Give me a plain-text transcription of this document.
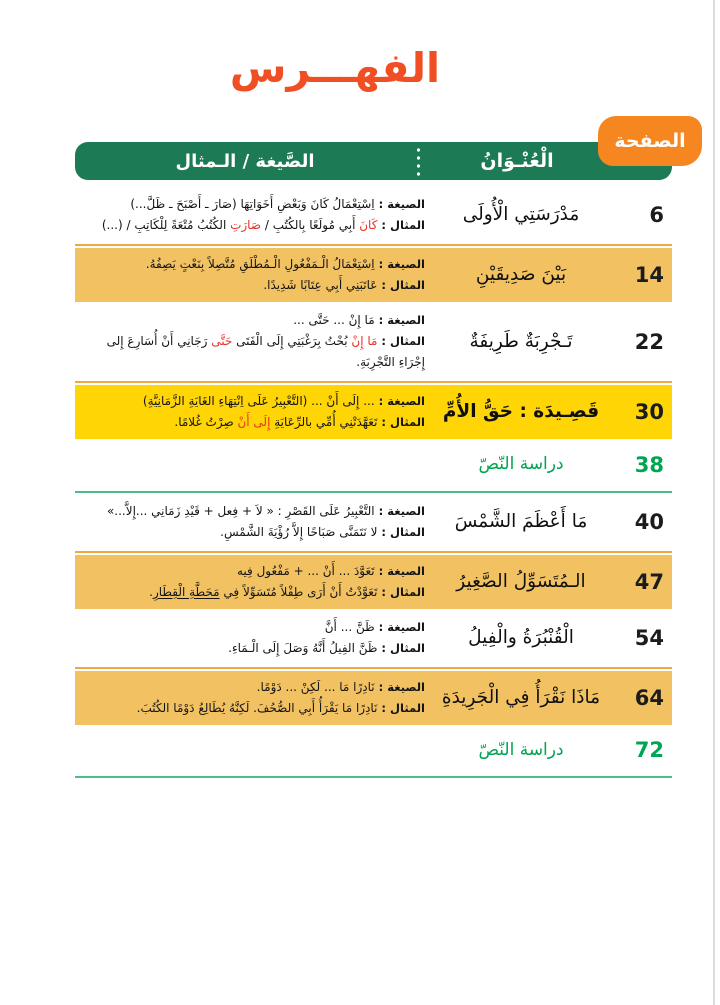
الفهـــرس
الْعُنْـوَانُ
الصَّيغة / الـمثال
الصفحة
6
مَدْرَسَتِي الْأُولَى
الصيغة : اِسْتِعْمَالُ كَانَ وَبَعْضِ أَخَوَاتِهَا (صَارَ ـ أَصْبَحَ ـ ظَلَّ...)
المثال : كَانَ أَبِي مُولَعًا بِالكُتُبِ / صَارَتِ الكُتُبُ مُتْعَةً لِلْكَاتِبِ / (...)
14
بَيْنَ صَدِيقَيْنِ
الصيغة : اِسْتِعْمَالُ الْـمَفْعُولِ الْـمُطْلَقِ مُتَّصِلاً بِنَعْتٍ يَصِفُهُ.
المثال : عَاتَبَنِي أَبِي عِتَابًا شَدِيدًا.
22
تَـجْرِبَةٌ طَرِيفَةٌ
الصيغة : مَا إِنْ ... حَتَّى ...
المثال : مَا إِنْ بُحْتُ بِرَغْبَتِي إِلَى الْفَتَى حَتَّى رَجَانِي أَنْ أُسَارِعَ إِلى إِجْرَاءِ التَّجْرِبَةِ.
30
قَصِـيدَة : حَقُّ الأُمِّ
الصيغة : ... إِلَى أَنْ ... (التَّعْبِيرُ عَلَى اِنْتِهَاءِ الغَايَةِ الزَّمَانِيَّةِ)
المثال : تَعَهَّدَتْنِي أُمِّي بالرِّعَايَةِ إِلَى أَنْ صِرْتُ غُلامًا.
38
دراسة النّصّ
40
مَا أَعْظَمَ الشَّمْسَ
الصيغة : التَّعْبِيرُ عَلَى القَصْرِ : « لاَ + فِعل + قَيْدِ زَمَانِي ...إِلاَّ...»
المثال : لا نَتَمَنَّى صَبَاحًا إِلاَّ رُؤْيَةَ الشَّمْسِ.
47
الـمُتَسَوِّلُ الصَّغِيرُ
الصيغة : تَعَوَّدَ ... أَنْ ... + مَفْعُول فِيه
المثال : تَعَوَّدْتُ أَنْ أَرَى طِفْلاً مُتَسَوِّلاً فِي مَحَطَّةِ الْقِطَارِ.
54
الْقُنْبُرَةُ والْفِيلُ
الصيغة : ظَنَّ ... أَنَّ
المثال : ظَنَّ الفِيلُ أَنَّهُ وَصَلَ إِلَى الْـمَاءِ.
64
مَاذَا نَقْرَأُ فِي الْجَرِيدَةِ
الصيغة : نَادِرًا مَا ... لَكِنْ ... دَوْمًا.
المثال : نَادِرًا مَا يَقْرَأُ أَبِي الصُّحُفَ. لَكِنَّهُ يُطَالِعُ دَوْمًا الكُتُبَ.
72
دراسة النّصّ
